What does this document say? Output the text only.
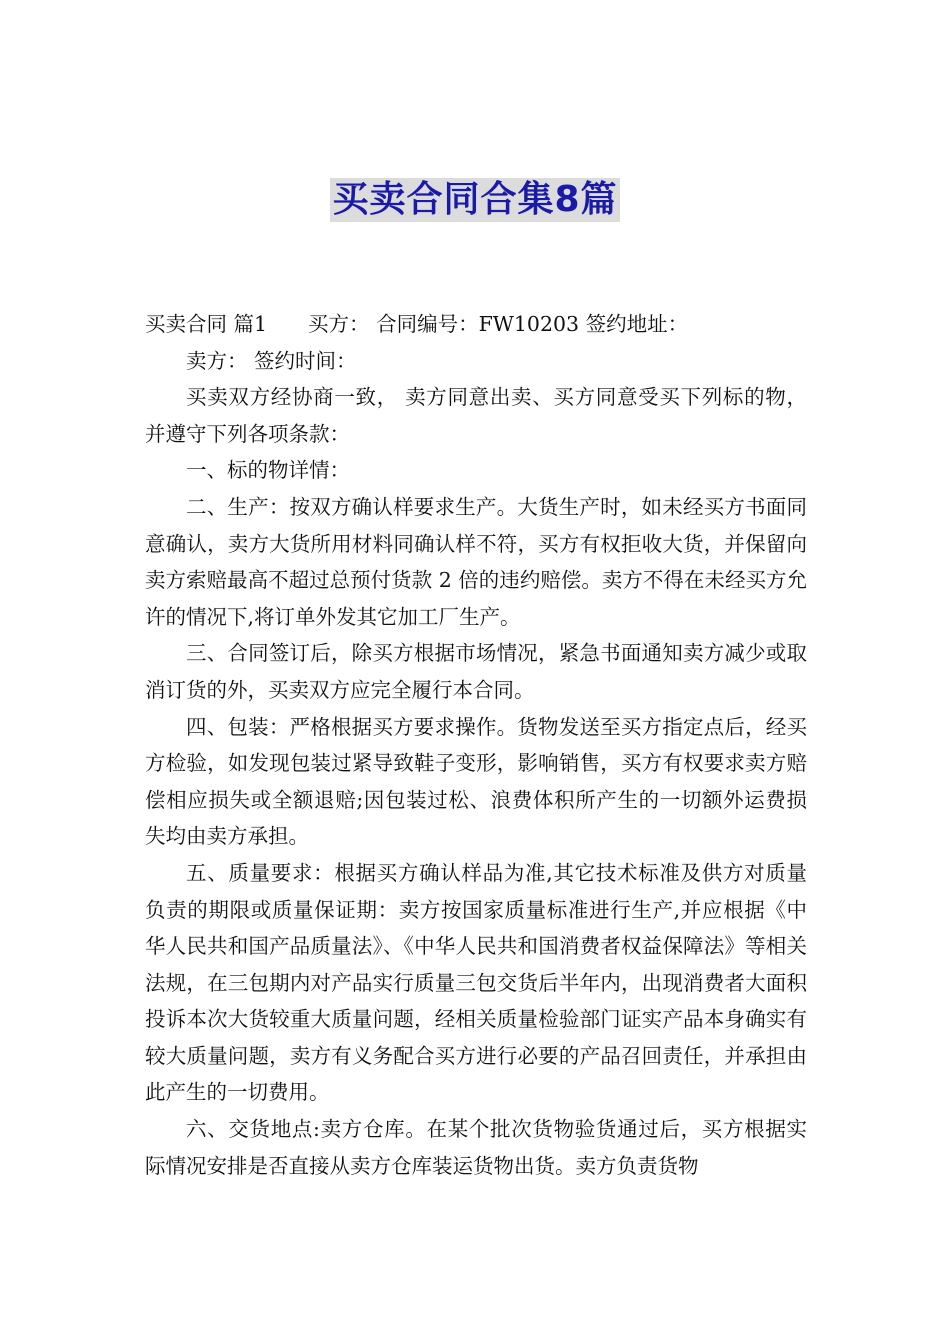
买卖合同合集8篇

买卖合同 篇1　　买方： 合同编号：FW10203 签约地址：

卖方： 签约时间：

买卖双方经协商一致， 卖方同意出卖、买方同意受买下列标的物，并遵守下列各项条款：

一、标的物详情：

二、生产：按双方确认样要求生产。大货生产时，如未经买方书面同意确认，卖方大货所用材料同确认样不符，买方有权拒收大货，并保留向卖方索赔最高不超过总预付货款 2 倍的违约赔偿。卖方不得在未经买方允许的情况下,将订单外发其它加工厂生产。

三、合同签订后，除买方根据市场情况，紧急书面通知卖方减少或取消订货的外，买卖双方应完全履行本合同。

四、包装：严格根据买方要求操作。货物发送至买方指定点后，经买方检验，如发现包装过紧导致鞋子变形，影响销售，买方有权要求卖方赔偿相应损失或全额退赔;因包装过松、浪费体积所产生的一切额外运费损失均由卖方承担。

五、质量要求：根据买方确认样品为准,其它技术标准及供方对质量负责的期限或质量保证期：卖方按国家质量标准进行生产,并应根据《中华人民共和国产品质量法》、《中华人民共和国消费者权益保障法》等相关法规，在三包期内对产品实行质量三包交货后半年内，出现消费者大面积投诉本次大货较重大质量问题，经相关质量检验部门证实产品本身确实有较大质量问题，卖方有义务配合买方进行必要的产品召回责任，并承担由此产生的一切费用。

六、交货地点:卖方仓库。在某个批次货物验货通过后，买方根据实际情况安排是否直接从卖方仓库装运货物出货。卖方负责货物
